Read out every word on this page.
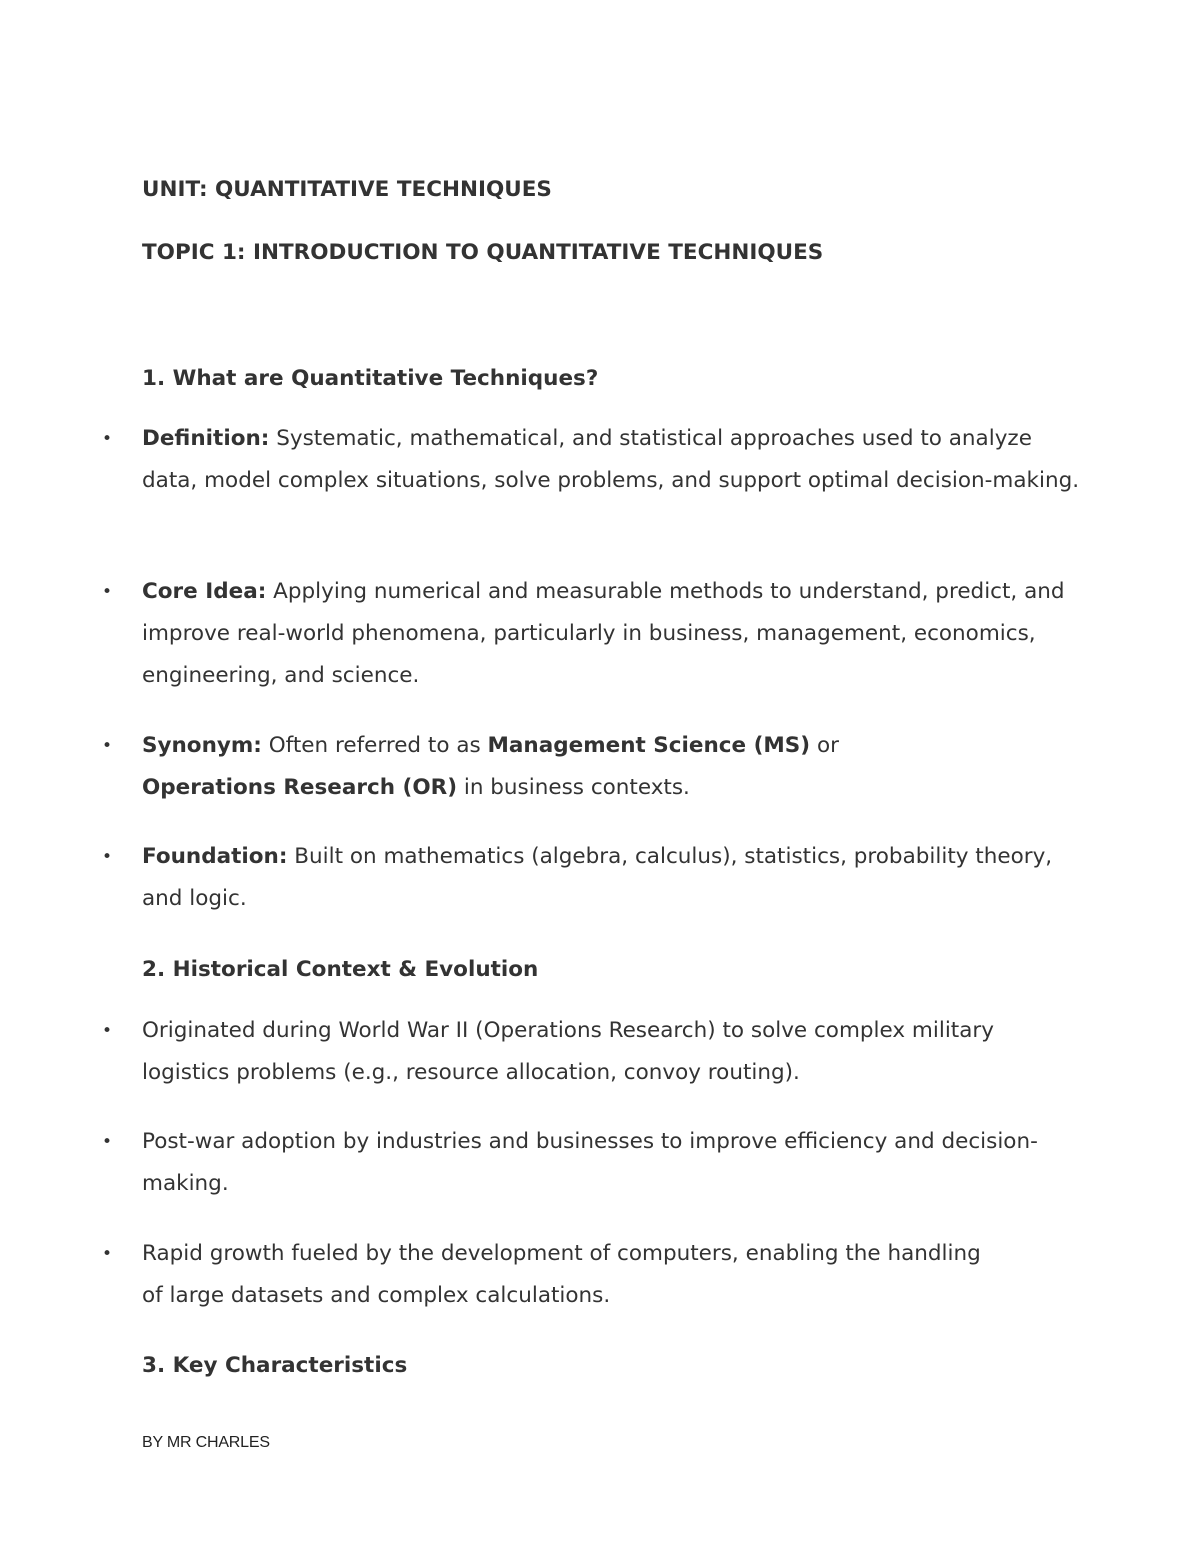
UNIT: QUANTITATIVE TECHNIQUES
TOPIC 1: INTRODUCTION TO QUANTITATIVE TECHNIQUES
1. What are Quantitative Techniques?
• Definition: Systematic, mathematical, and statistical approaches used to analyze data, model complex situations, solve problems, and support optimal decision-making.
• Core Idea: Applying numerical and measurable methods to understand, predict, and improve real-world phenomena, particularly in business, management, economics, engineering, and science.
• Synonym: Often referred to as Management Science (MS) or Operations Research (OR) in business contexts.
• Foundation: Built on mathematics (algebra, calculus), statistics, probability theory, and logic.
2. Historical Context & Evolution
• Originated during World War II (Operations Research) to solve complex military logistics problems (e.g., resource allocation, convoy routing).
• Post-war adoption by industries and businesses to improve efficiency and decision-making.
• Rapid growth fueled by the development of computers, enabling the handling of large datasets and complex calculations.
3. Key Characteristics
BY MR CHARLES
